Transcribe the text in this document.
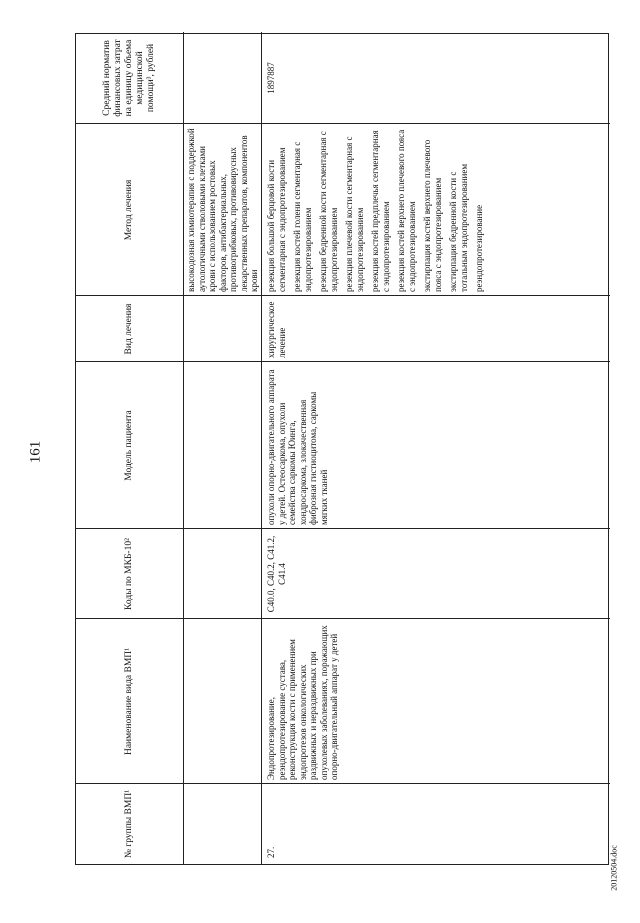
161
20120504.doc
№ группы ВМП¹
Наименование вида ВМП¹
Коды по МКБ-10²
Модель пациента
Вид лечения
Метод лечения
Средний норматив финансовых затрат на единицу объема медицинской помощи³, рублей
высокодозная химиотерапия с поддержкой аутологичными стволовыми клетками крови с использованием ростовых факторов, антибактериальных, противогрибковых, противовирусных лекарственных препаратов, компонентов крови
27.
Эндопротезирование, реэндопротезирование сустава, реконструкция кости с применением эндопротезов онкологических раздвижных и нераздвижных при опухолевых заболеваниях, поражающих опорно-двигательный аппарат у детей
C40.0, C40.2, C41.2, C41.4
опухоли опорно-двигательного аппарата у детей. Остеосаркома, опухоли семейства саркомы Юинга, хондросаркома, злокачественная фиброзная гистиоцитома, саркомы мягких тканей
хирургическое лечение

резекция большой берцовой кости сегментарная с эндопротезированием резекция костей голени сегментарная с эндопротезированием резекция бедренной кости сегментарная с эндопротезированием резекция плечевой кости сегментарная с эндопротезированием резекция костей предплечья сегментарная с эндопротезированием резекция костей верхнего плечевого пояса с эндопротезированием экстирпация костей верхнего плечевого пояса с эндопротезированием экстирпация бедренной кости с тотальным эндопротезированием реэндопротезирование

1897887
